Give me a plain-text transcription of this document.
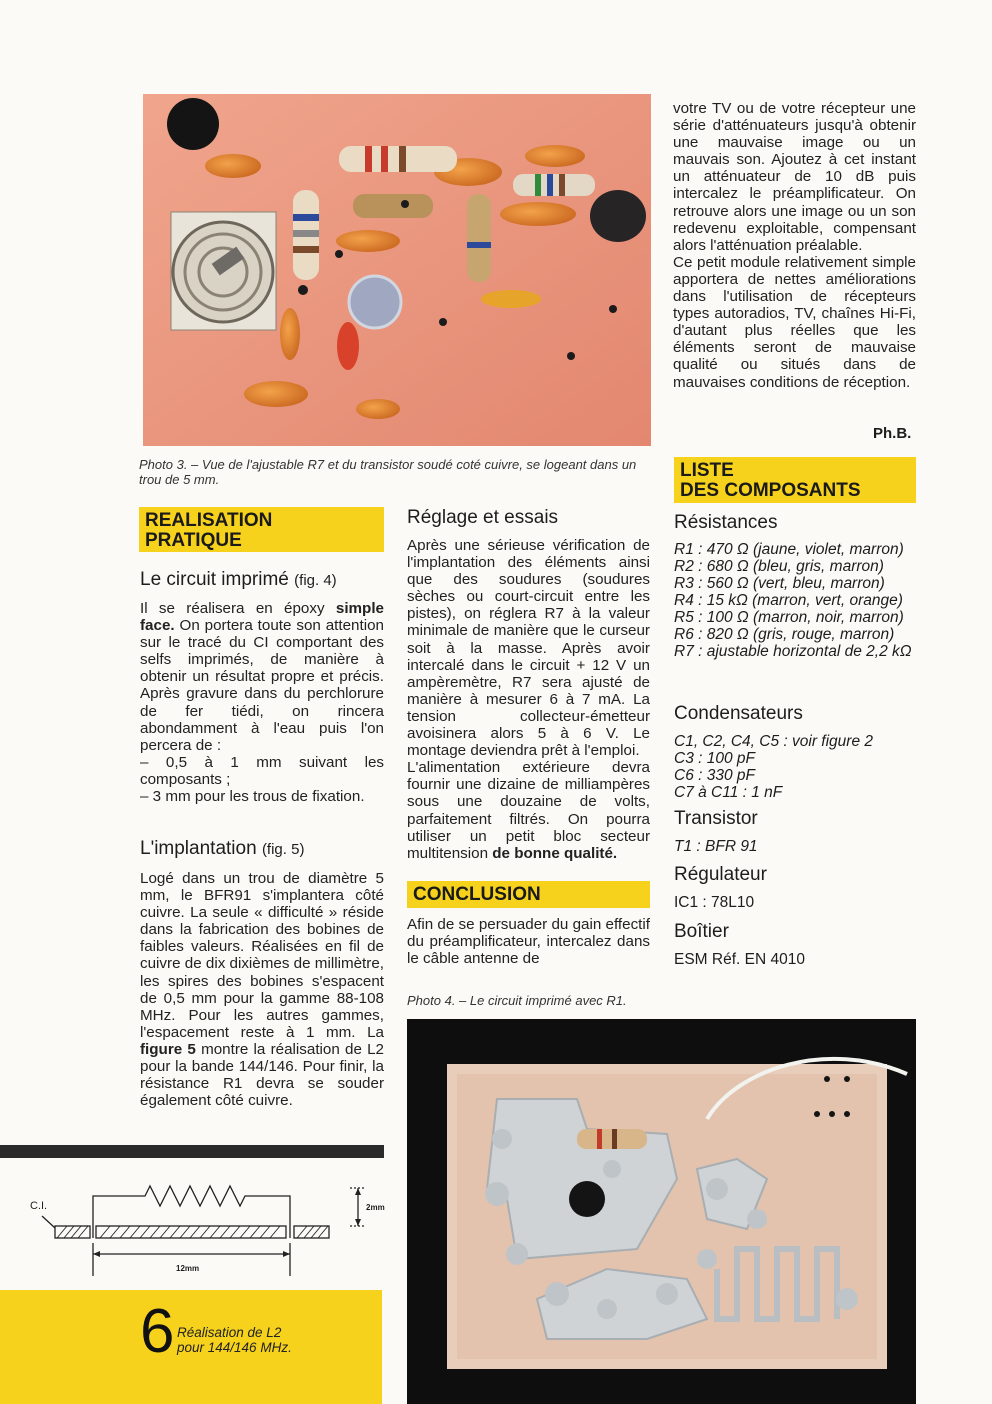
Photo 3. – Vue de l'ajustable R7 et du transistor soudé coté cuivre, se logeant dans un trou de 5 mm.
REALISATION
PRATIQUE
Le circuit imprimé (fig. 4)

Il se réalisera en époxy simple face. On portera toute son attention sur le tracé du CI comportant des selfs imprimés, de manière à obtenir un résultat propre et précis. Après gravure dans du perchlorure de fer tiédi, on rincera abondamment à l'eau puis l'on percera de :

– 0,5 à 1 mm suivant les composants ;

– 3 mm pour les trous de fixation.

L'implantation (fig. 5)

Logé dans un trou de diamètre 5 mm, le BFR91 s'implantera côté cuivre. La seule « difficulté » réside dans la fabrication des bobines de faibles valeurs. Réalisées en fil de cuivre de dix dixièmes de millimètre, les spires des bobines s'espacent de 0,5 mm pour la gamme 88-108 MHz. Pour les autres gammes, l'espacement reste à 1 mm. La figure 5 montre la réalisation de L2 pour la bande 144/146. Pour finir, la résistance R1 devra se souder également côté cuivre.

Réglage et essais

Après une sérieuse vérification de l'implantation des éléments ainsi que des soudures (soudures sèches ou court-circuit entre les pistes), on réglera R7 à la valeur minimale de manière que le curseur soit à la masse. Après avoir intercalé dans le circuit + 12 V un ampèremètre, R7 sera ajusté de manière à mesurer 6 à 7 mA. La tension collecteur-émetteur avoisinera alors 5 à 6 V. Le montage deviendra prêt à l'emploi.

L'alimentation extérieure devra fournir une dizaine de milliampères sous une douzaine de volts, parfaitement filtrés. On pourra utiliser un petit bloc secteur multitension de bonne qualité.

CONCLUSION
Afin de se persuader du gain effectif du préamplificateur, intercalez dans le câble antenne de
Photo 4. – Le circuit imprimé avec R1.

votre TV ou de votre récepteur une série d'atténuateurs jusqu'à obtenir une mauvaise image ou un mauvais son. Ajoutez à cet instant un atténuateur de 10 dB puis intercalez le préamplificateur. On retrouve alors une image ou un son redevenu exploitable, compensant alors l'atténuation préalable.

Ce petit module relativement simple apportera de nettes améliorations dans l'utilisation de récepteurs types autoradios, TV, chaînes Hi-Fi, d'autant plus réelles que les éléments seront de mauvaise qualité ou situés dans de mauvaises conditions de réception.

Ph.B.
LISTE
DES COMPOSANTS
Résistances
R1 : 470 Ω (jaune, violet, marron)
R2 : 680 Ω (bleu, gris, marron)
R3 : 560 Ω (vert, bleu, marron)
R4 : 15 kΩ (marron, vert, orange)
R5 : 100 Ω (marron, noir, marron)
R6 : 820 Ω (gris, rouge, marron)
R7 : ajustable horizontal de 2,2 kΩ
Condensateurs
C1, C2, C4, C5 : voir figure 2
C3 : 100 pF
C6 : 330 pF
C7 à C11 : 1 nF
Transistor
T1 : BFR 91
Régulateur
IC1 : 78L10
Boîtier
ESM Réf. EN 4010
C.I.	2mm
12mm
6 Réalisation de L2
pour 144/146 MHz.
